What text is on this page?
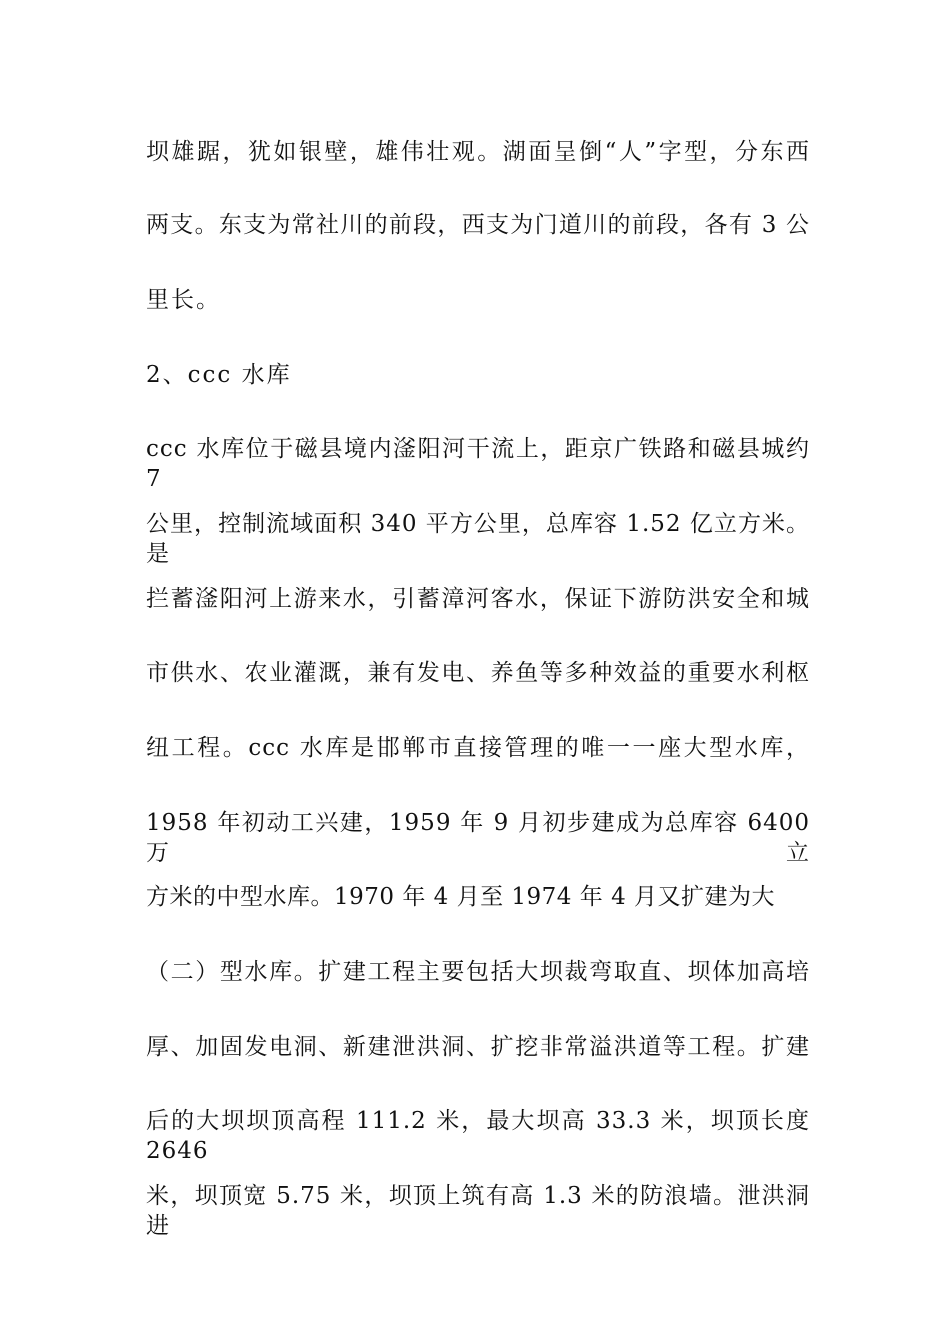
坝雄踞，犹如银壁，雄伟壮观。湖面呈倒“人”字型，分东西
两支。东支为常社川的前段，西支为门道川的前段，各有 3 公
里长。
2、ccc 水库
ccc 水库位于磁县境内滏阳河干流上，距京广铁路和磁县城约 7
公里，控制流域面积 340 平方公里，总库容 1.52 亿立方米。是
拦蓄滏阳河上游来水，引蓄漳河客水，保证下游防洪安全和城
市供水、农业灌溉，兼有发电、养鱼等多种效益的重要水利枢
纽工程。ccc 水库是邯郸市直接管理的唯一一座大型水库，
1958 年初动工兴建，1959 年 9 月初步建成为总库容 6400 万立
方米的中型水库。1970 年 4 月至 1974 年 4 月又扩建为大
（二）型水库。扩建工程主要包括大坝裁弯取直、坝体加高培
厚、加固发电洞、新建泄洪洞、扩挖非常溢洪道等工程。扩建
后的大坝坝顶高程 111.2 米，最大坝高 33.3 米，坝顶长度 2646
米，坝顶宽 5.75 米，坝顶上筑有高 1.3 米的防浪墙。泄洪洞进
